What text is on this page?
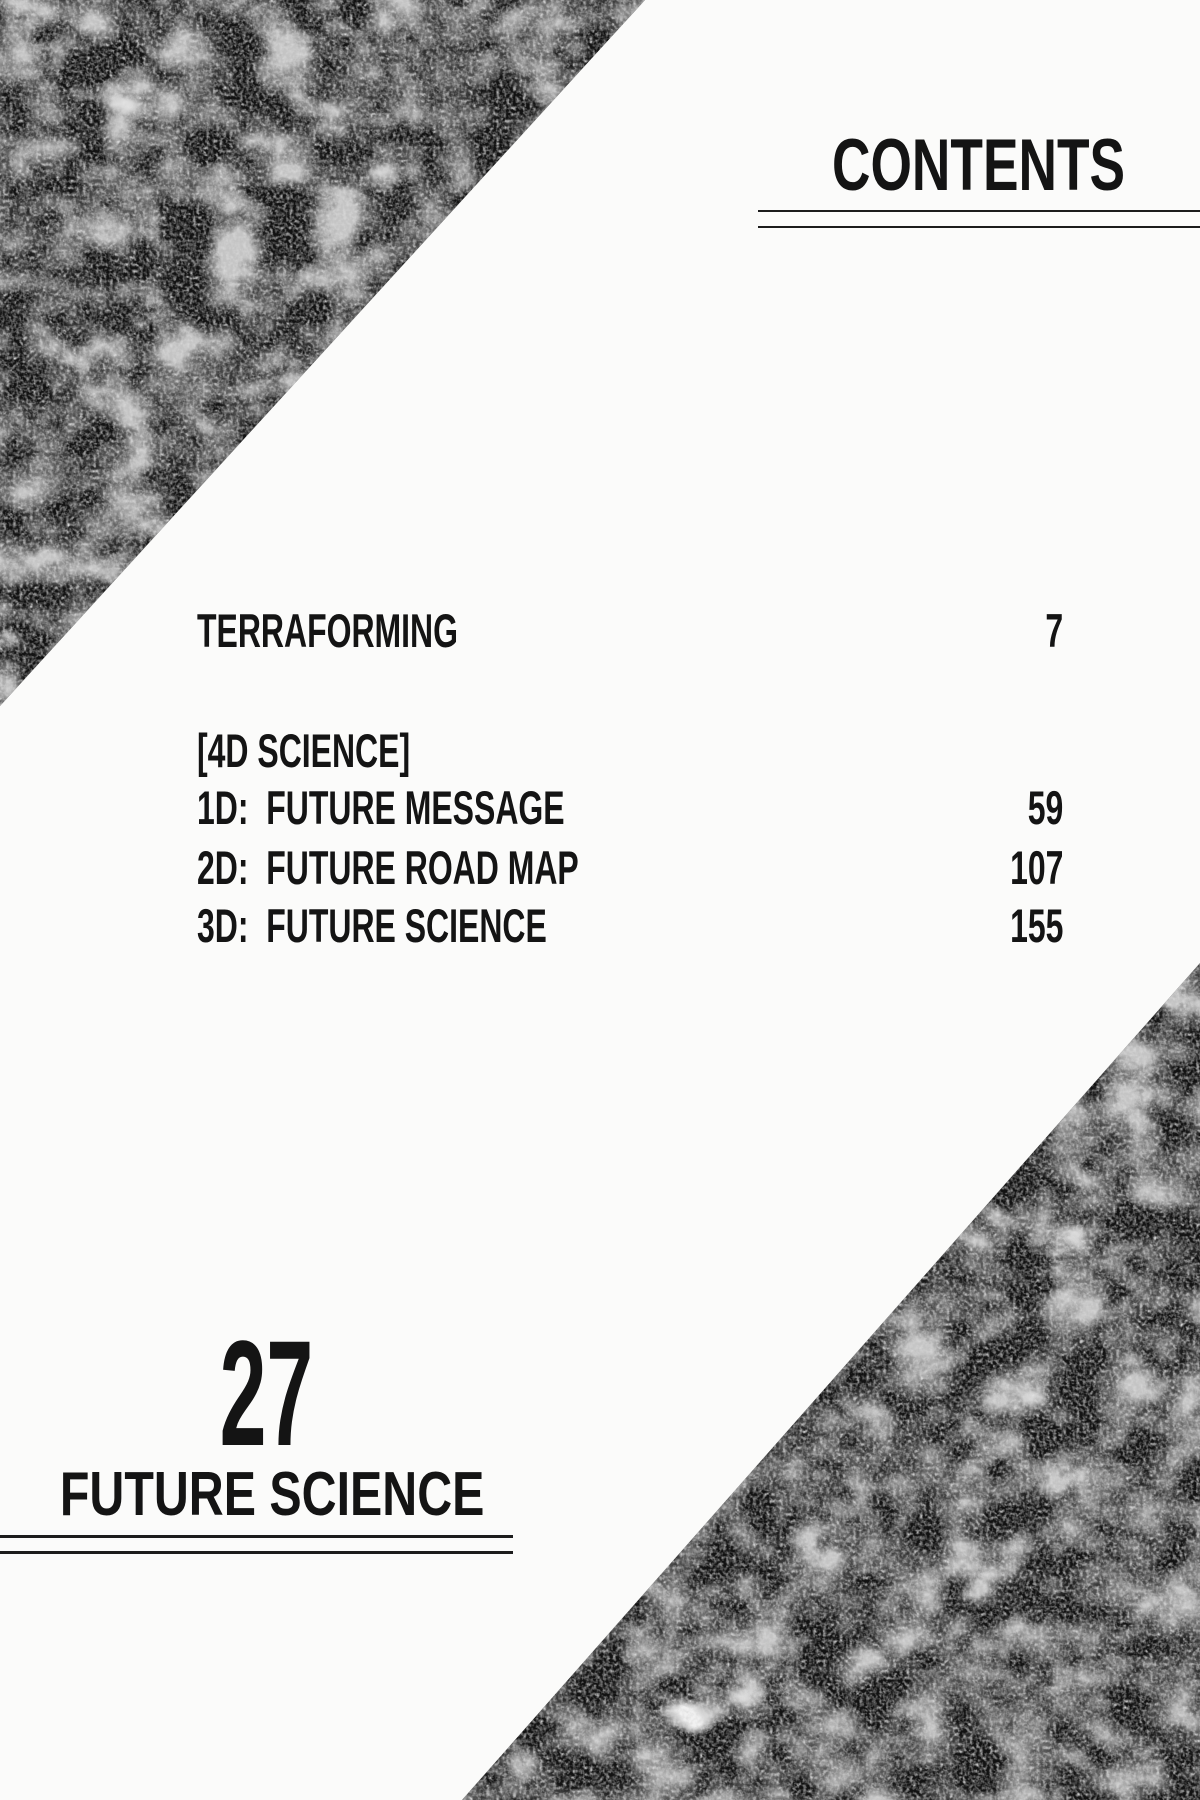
CONTENTS
TERRAFORMING	7
[4D SCIENCE]
1D:  FUTURE MESSAGE	59
2D:  FUTURE ROAD MAP	107
3D:  FUTURE SCIENCE	155
27
FUTURE SCIENCE
